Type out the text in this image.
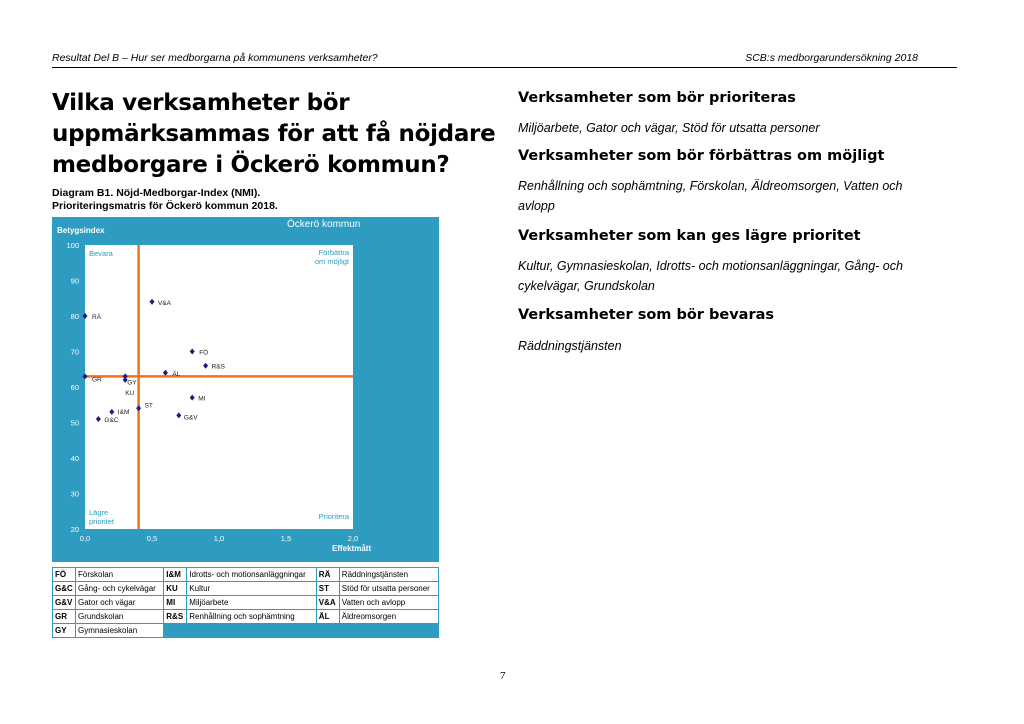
Resultat Del B – Hur ser medborgarna på kommunens verksamheter?	SCB:s medborgarundersökning 2018
Vilka verksamheter bör uppmärksammas för att få nöjdare medborgare i Öckerö kommun?
Diagram B1. Nöjd-Medborgar-Index (NMI).
Prioriteringsmatris för Öckerö kommun 2018.
Öckerö kommun
Betygsindex
Effektmått
20
30
40
50
60
70
80
90
100
0,0	0,5	1,0	1,5	2,0
Bevara	Förbättra
om möjligt
Lägre
prioritet
Prioritera
RÄ
GR	GY
KU
V&A
FÖ
R&S
ÄL
MI
ST
I&M
G&C	G&V
FÖ	Förskolan	I&M	Idrotts- och motionsanläggningar	RÄ	Räddningstjänsten
G&C	Gång- och cykelvägar	KU	Kultur	ST	Stöd för utsatta personer
G&V	Gator och vägar	MI	Miljöarbete	V&A	Vatten och avlopp
GR	Grundskolan	R&S	Renhållning och sophämtning	ÄL	Äldreomsorgen
GY	Gymnasieskolan				
Verksamheter som bör prioriteras
Miljöarbete, Gator och vägar, Stöd för utsatta personer
Verksamheter som bör förbättras om möjligt
Renhållning och sophämtning, Förskolan, Äldreomsorgen, Vatten och avlopp
Verksamheter som kan ges lägre prioritet
Kultur, Gymnasieskolan, Idrotts- och motionsanläggningar, Gång- och cykelvägar, Grundskolan
Verksamheter som bör bevaras
Räddningstjänsten
7
